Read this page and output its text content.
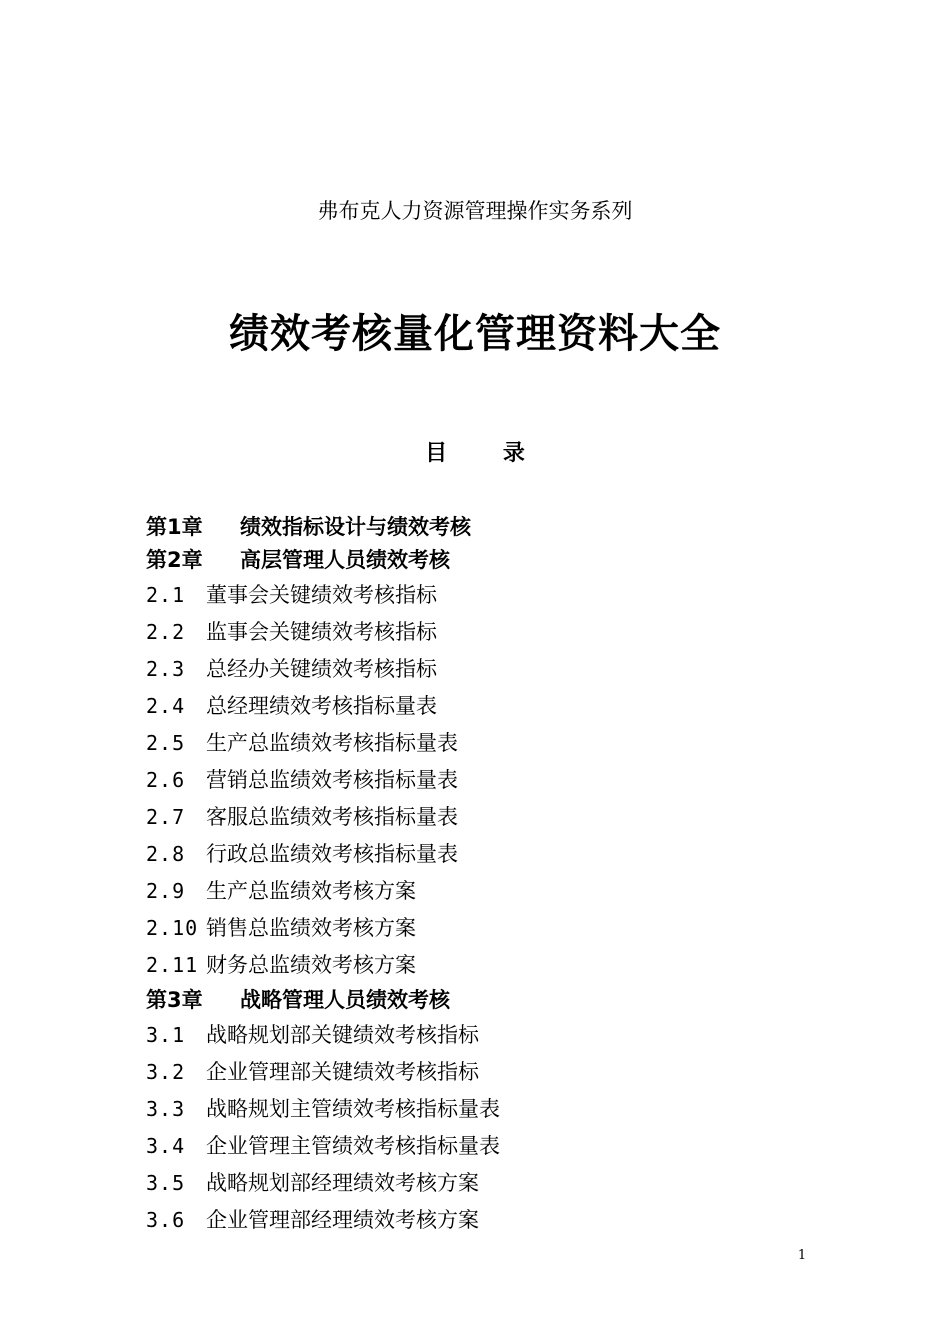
弗布克人力资源管理操作实务系列
绩效考核量化管理资料大全
目 录
第1章 绩效指标设计与绩效考核
第2章 高层管理人员绩效考核
2.1 董事会关键绩效考核指标
2.2 监事会关键绩效考核指标
2.3 总经办关键绩效考核指标
2.4 总经理绩效考核指标量表
2.5 生产总监绩效考核指标量表
2.6 营销总监绩效考核指标量表
2.7 客服总监绩效考核指标量表
2.8 行政总监绩效考核指标量表
2.9 生产总监绩效考核方案
2.10 销售总监绩效考核方案
2.11 财务总监绩效考核方案
第3章 战略管理人员绩效考核
3.1 战略规划部关键绩效考核指标
3.2 企业管理部关键绩效考核指标
3.3 战略规划主管绩效考核指标量表
3.4 企业管理主管绩效考核指标量表
3.5 战略规划部经理绩效考核方案
3.6 企业管理部经理绩效考核方案
1
